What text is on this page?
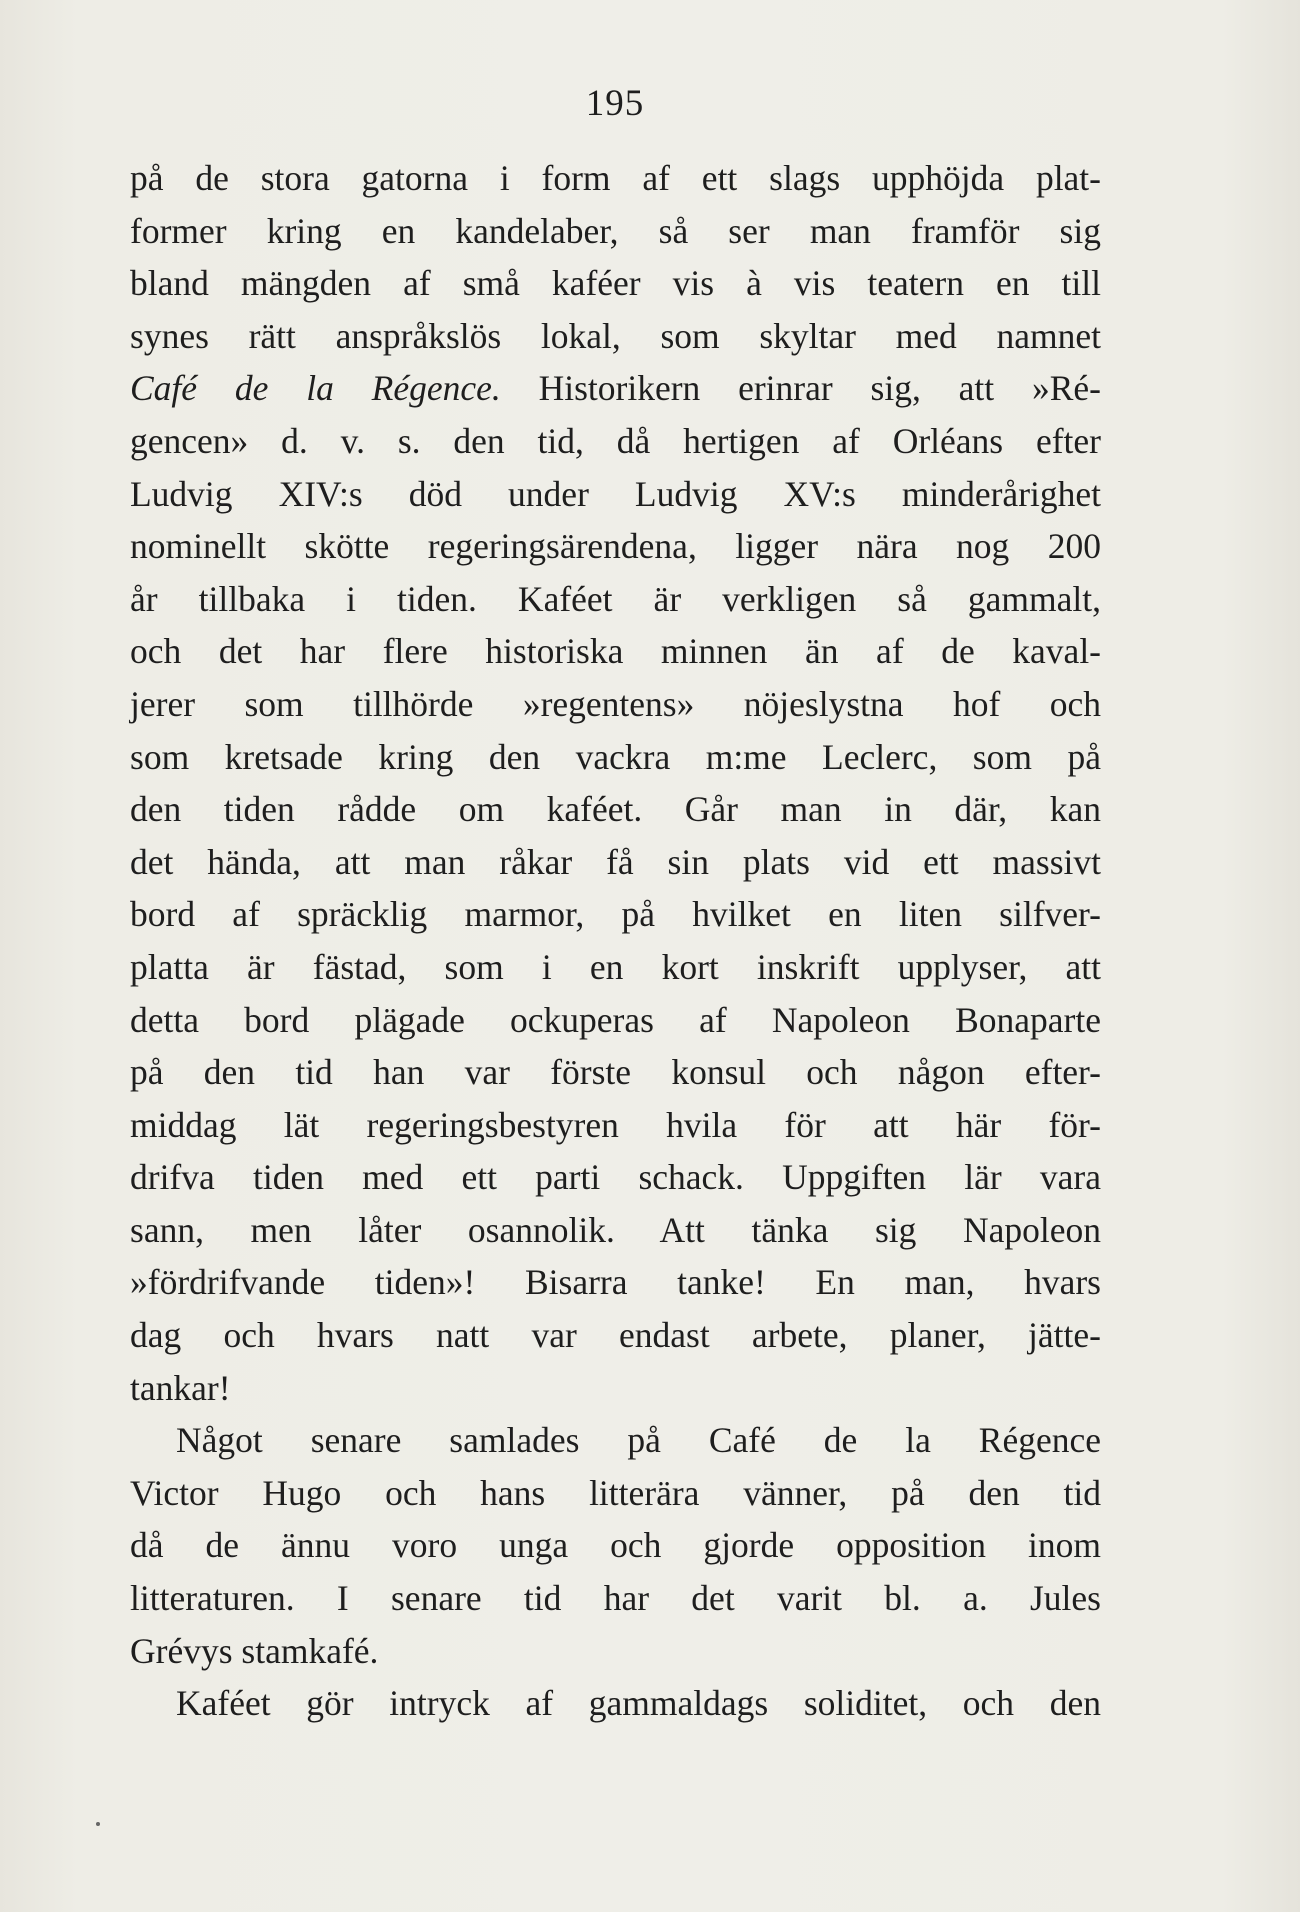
195
på de stora gatorna i form af ett slags upphöjda plat-
former kring en kandelaber, så ser man framför sig
bland mängden af små kaféer vis à vis teatern en till
synes rätt anspråkslös lokal, som skyltar med namnet
Café de la Régence. Historikern erinrar sig, att »Ré-
gencen» d. v. s. den tid, då hertigen af Orléans efter
Ludvig XIV:s död under Ludvig XV:s minderårighet
nominellt skötte regeringsärendena, ligger nära nog 200
år tillbaka i tiden. Kaféet är verkligen så gammalt,
och det har flere historiska minnen än af de kaval-
jerer som tillhörde »regentens» nöjeslystna hof och
som kretsade kring den vackra m:me Leclerc, som på
den tiden rådde om kaféet. Går man in där, kan
det hända, att man råkar få sin plats vid ett massivt
bord af spräcklig marmor, på hvilket en liten silfver-
platta är fästad, som i en kort inskrift upplyser, att
detta bord plägade ockuperas af Napoleon Bonaparte
på den tid han var förste konsul och någon efter-
middag lät regeringsbestyren hvila för att här för-
drifva tiden med ett parti schack. Uppgiften lär vara
sann, men låter osannolik. Att tänka sig Napoleon
»fördrifvande tiden»! Bisarra tanke! En man, hvars
dag och hvars natt var endast arbete, planer, jätte-
tankar!
Något senare samlades på Café de la Régence
Victor Hugo och hans litterära vänner, på den tid
då de ännu voro unga och gjorde opposition inom
litteraturen. I senare tid har det varit bl. a. Jules
Grévys stamkafé.
Kaféet gör intryck af gammaldags soliditet, och den
